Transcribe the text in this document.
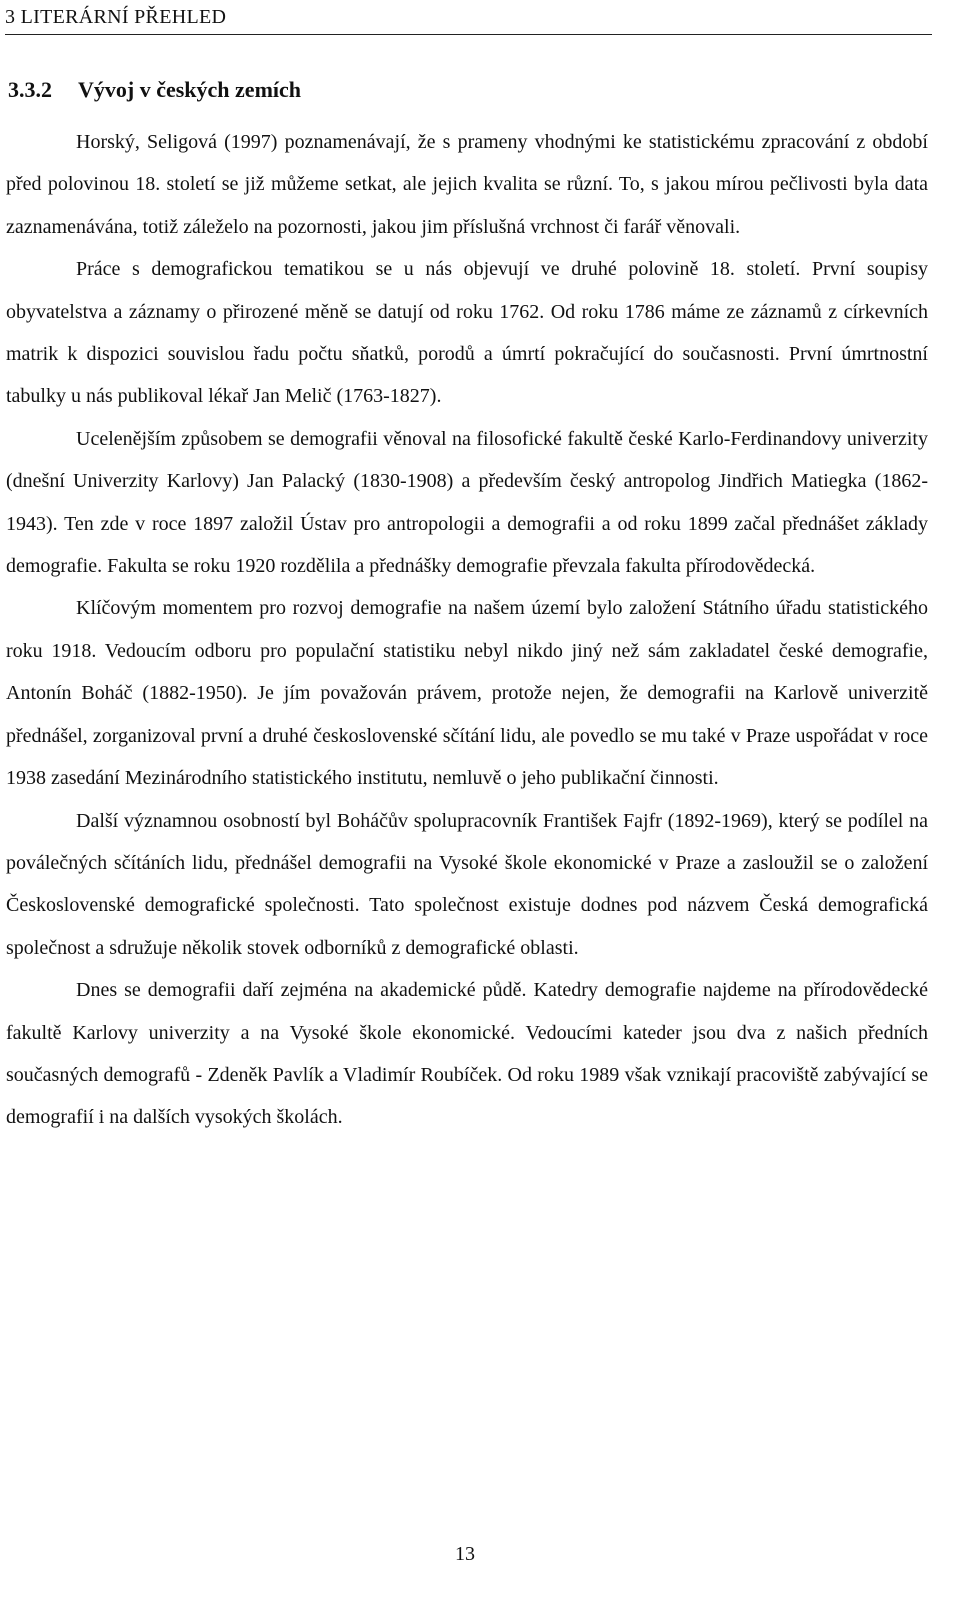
3 LITERÁRNÍ PŘEHLED
3.3.2 Vývoj v českých zemích

Horský, Seligová (1997) poznamenávají, že s prameny vhodnými ke statistickému zpracování z období před polovinou 18. století se již můžeme setkat, ale jejich kvalita se různí. To, s jakou mírou pečlivosti byla data zaznamenávána, totiž záleželo na pozornosti, jakou jim příslušná vrchnost či farář věnovali.

Práce s demografickou tematikou se u nás objevují ve druhé polovině 18. století. První soupisy obyvatelstva a záznamy o přirozené měně se datují od roku 1762. Od roku 1786 máme ze záznamů z církevních matrik k dispozici souvislou řadu počtu sňatků, porodů a úmrtí pokračující do současnosti. První úmrtnostní tabulky u nás publikoval lékař Jan Melič (1763-1827).

Ucelenějším způsobem se demografii věnoval na filosofické fakultě české Karlo-Ferdinandovy univerzity (dnešní Univerzity Karlovy) Jan Palacký (1830-1908) a především český antropolog Jindřich Matiegka (1862-1943). Ten zde v roce 1897 založil Ústav pro antropologii a demografii a od roku 1899 začal přednášet základy demografie. Fakulta se roku 1920 rozdělila a přednášky demografie převzala fakulta přírodovědecká.

Klíčovým momentem pro rozvoj demografie na našem území bylo založení Státního úřadu statistického roku 1918. Vedoucím odboru pro populační statistiku nebyl nikdo jiný než sám zakladatel české demografie, Antonín Boháč (1882-1950). Je jím považován právem, protože nejen, že demografii na Karlově univerzitě přednášel, zorganizoval první a druhé československé sčítání lidu, ale povedlo se mu také v Praze uspořádat v roce 1938 zasedání Mezinárodního statistického institutu, nemluvě o jeho publikační činnosti.

Další významnou osobností byl Boháčův spolupracovník František Fajfr (1892-1969), který se podílel na poválečných sčítáních lidu, přednášel demografii na Vysoké škole ekonomické v Praze a zasloužil se o založení Československé demografické společnosti. Tato společnost existuje dodnes pod názvem Česká demografická společnost a sdružuje několik stovek odborníků z demografické oblasti.

Dnes se demografii daří zejména na akademické půdě. Katedry demografie najdeme na přírodovědecké fakultě Karlovy univerzity a na Vysoké škole ekonomické. Vedoucími kateder jsou dva z našich předních současných demografů - Zdeněk Pavlík a Vladimír Roubíček. Od roku 1989 však vznikají pracoviště zabývající se demografií i na dalších vysokých školách.

13
